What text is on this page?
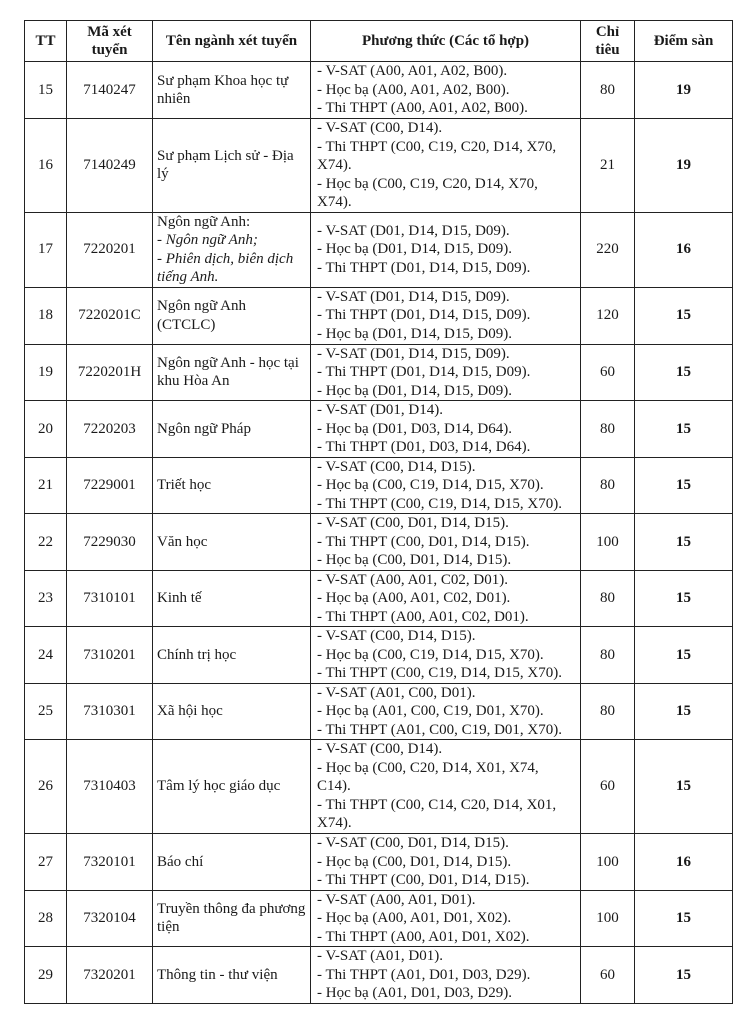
TT	Mã xét tuyển	Tên ngành xét tuyển	Phương thức (Các tổ hợp)	Chỉ tiêu	Điểm sàn
15	7140247	Sư phạm Khoa học tự nhiên	- V-SAT (A00, A01, A02, B00).
- Học bạ (A00, A01, A02, B00).
- Thi THPT (A00, A01, A02, B00).	80	19
16	7140249	Sư phạm Lịch sử - Địa lý	- V-SAT (C00, D14).
- Thi THPT (C00, C19, C20, D14, X70, X74).
- Học bạ (C00, C19, C20, D14, X70, X74).	21	19
17	7220201	Ngôn ngữ Anh:
- Ngôn ngữ Anh;
- Phiên dịch, biên dịch tiếng Anh.	- V-SAT (D01, D14, D15, D09).
- Học bạ (D01, D14, D15, D09).
- Thi THPT (D01, D14, D15, D09).	220	16
18	7220201C	Ngôn ngữ Anh (CTCLC)	- V-SAT (D01, D14, D15, D09).
- Thi THPT (D01, D14, D15, D09).
- Học bạ (D01, D14, D15, D09).	120	15
19	7220201H	Ngôn ngữ Anh - học tại khu Hòa An	- V-SAT (D01, D14, D15, D09).
- Thi THPT (D01, D14, D15, D09).
- Học bạ (D01, D14, D15, D09).	60	15
20	7220203	Ngôn ngữ Pháp	- V-SAT (D01, D14).
- Học bạ (D01, D03, D14, D64).
- Thi THPT (D01, D03, D14, D64).	80	15
21	7229001	Triết học	- V-SAT (C00, D14, D15).
- Học bạ (C00, C19, D14, D15, X70).
- Thi THPT (C00, C19, D14, D15, X70).	80	15
22	7229030	Văn học	- V-SAT (C00, D01, D14, D15).
- Thi THPT (C00, D01, D14, D15).
- Học bạ (C00, D01, D14, D15).	100	15
23	7310101	Kinh tế	- V-SAT (A00, A01, C02, D01).
- Học bạ (A00, A01, C02, D01).
- Thi THPT (A00, A01, C02, D01).	80	15
24	7310201	Chính trị học	- V-SAT (C00, D14, D15).
- Học bạ (C00, C19, D14, D15, X70).
- Thi THPT (C00, C19, D14, D15, X70).	80	15
25	7310301	Xã hội học	- V-SAT (A01, C00, D01).
- Học bạ (A01, C00, C19, D01, X70).
- Thi THPT (A01, C00, C19, D01, X70).	80	15
26	7310403	Tâm lý học giáo dục	- V-SAT (C00, D14).
- Học bạ (C00, C20, D14, X01, X74, C14).
- Thi THPT (C00, C14, C20, D14, X01, X74).	60	15
27	7320101	Báo chí	- V-SAT (C00, D01, D14, D15).
- Học bạ (C00, D01, D14, D15).
- Thi THPT (C00, D01, D14, D15).	100	16
28	7320104	Truyền thông đa phương tiện	- V-SAT (A00, A01, D01).
- Học bạ (A00, A01, D01, X02).
- Thi THPT (A00, A01, D01, X02).	100	15
29	7320201	Thông tin - thư viện	- V-SAT (A01, D01).
- Thi THPT (A01, D01, D03, D29).
- Học bạ (A01, D01, D03, D29).	60	15
